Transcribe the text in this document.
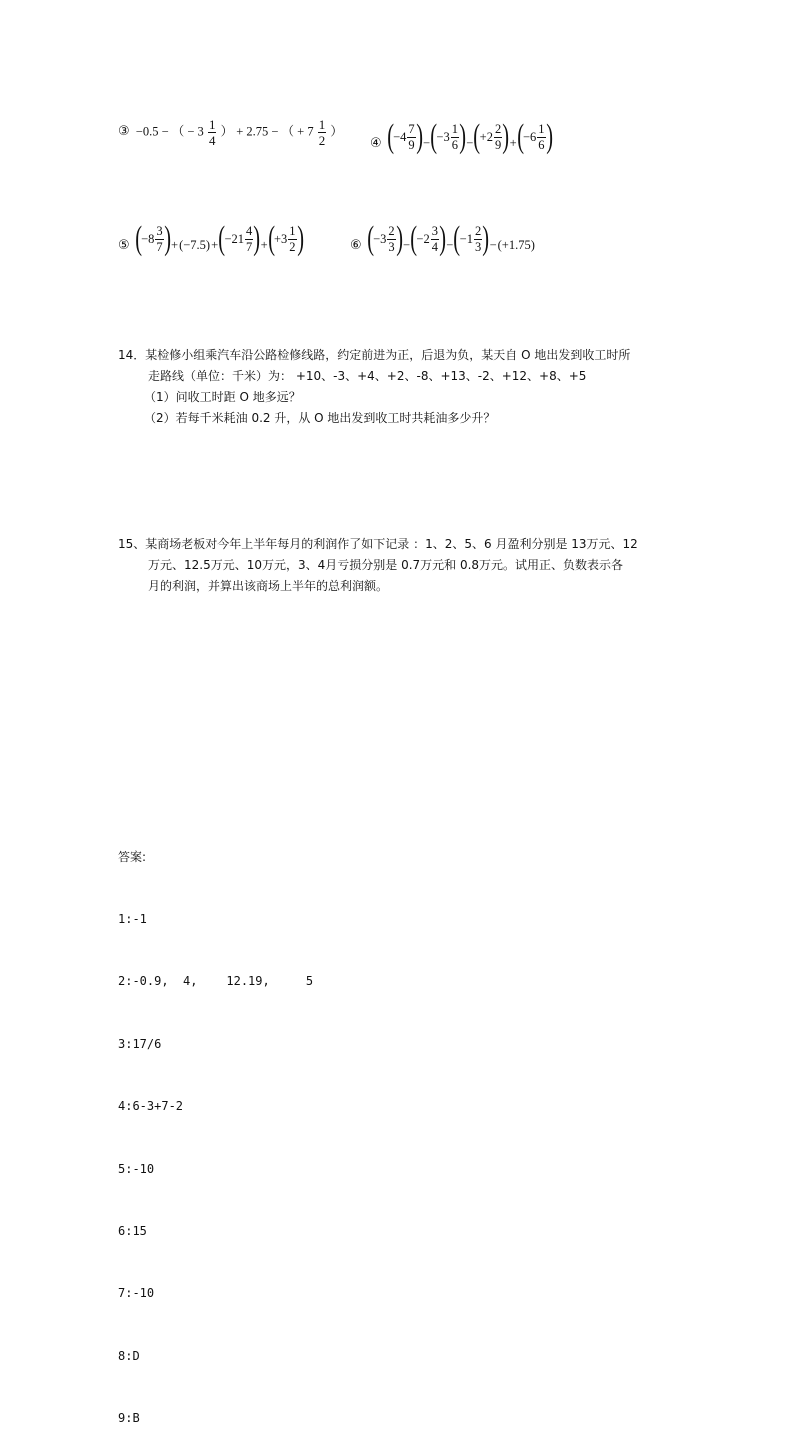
③ −0.5 − （ − $3 \frac{1}{4}$ ） + 2.75 − （ + $7 \frac{1}{2}$ ）
④ ( $-4 \frac{7}{9}$ ) − ( $-3 \frac{1}{6}$ ) − ( $+2 \frac{2}{9}$ ) + ( $-6 \frac{1}{6}$ )
⑤ ( $-8 \frac{3}{7}$ ) +(−7.5)+ ( $-21 \frac{4}{7}$ ) + ( $+3 \frac{1}{2}$ )	⑥ ( $-3 \frac{2}{3}$ ) − ( $-2 \frac{3}{4}$ ) − ( $-1 \frac{2}{3}$ ) −(+1.75)
14．某检修小组乘汽车沿公路检修线路，约定前进为正，后退为负，某天自 O 地出发到收工时所
走路线（单位：千米）为： +10、-3、+4、+2、-8、+13、-2、+12、+8、+5
（1）问收工时距 O 地多远？
（2）若每千米耗油 0.2 升，从 O 地出发到收工时共耗油多少升？
15、某商场老板对今年上半年每月的利润作了如下记录 ：1、2、5、6 月盈利分别是 13万元、12
万元、12.5万元、10万元，3、4月亏损分别是 0.7万元和 0.8万元。试用正、负数表示各
月的利润，并算出该商场上半年的总利润额。

答案:

1:-1

2:-0.9,  4,    12.19,     5

3:17/6

4:6-3+7-2

5:-10

6:15

7:-10

8:D

9:B
